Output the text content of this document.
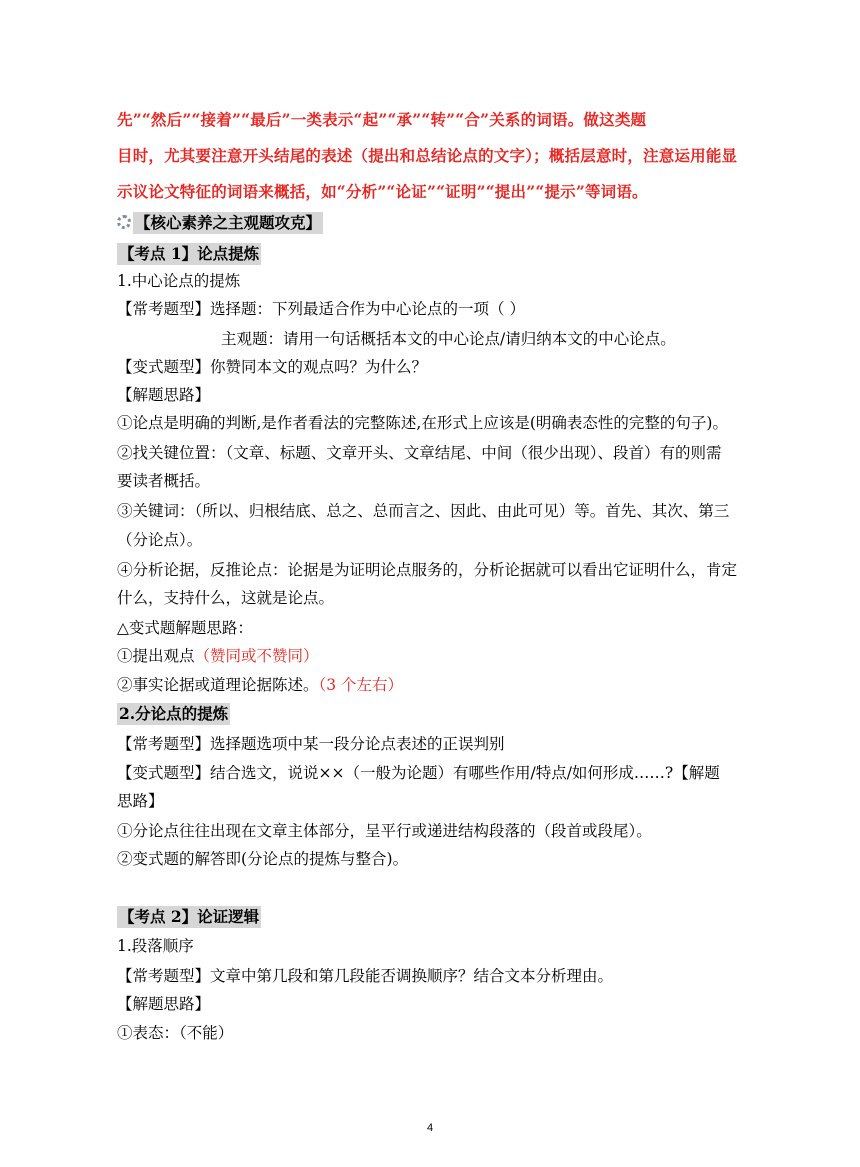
先”“然后”“接着”“最后”一类表示“起”“承”“转”“合”关系的词语。做这类题
目时，尤其要注意开头结尾的表述（提出和总结论点的文字）；概括层意时，注意运用能显
示议论文特征的词语来概括，如“分析”“论证”“证明”“提出”“提示”等词语。
【核心素养之主观题攻克】
【考点 1】论点提炼
1.中心论点的提炼
【常考题型】选择题：下列最适合作为中心论点的一项（ ）
主观题：请用一句话概括本文的中心论点/请归纳本文的中心论点。
【变式题型】你赞同本文的观点吗？为什么？
【解题思路】
①论点是明确的判断,是作者看法的完整陈述,在形式上应该是(明确表态性的完整的句子)。
②找关键位置：（文章、标题、文章开头、文章结尾、中间（很少出现）、段首）有的则需
要读者概括。
③关键词：（所以、归根结底、总之、总而言之、因此、由此可见）等。首先、其次、第三
（分论点）。
④分析论据，反推论点：论据是为证明论点服务的，分析论据就可以看出它证明什么，肯定
什么，支持什么，这就是论点。
△变式题解题思路：
①提出观点（赞同或不赞同）
②事实论据或道理论据陈述。（3 个左右）
2.分论点的提炼
【常考题型】选择题选项中某一段分论点表述的正误判别
【变式题型】结合选文，说说××（一般为论题）有哪些作用/特点/如何形成……?【解题
思路】
①分论点往往出现在文章主体部分，呈平行或递进结构段落的（段首或段尾）。
②变式题的解答即(分论点的提炼与整合)。
【考点 2】论证逻辑
1.段落顺序
【常考题型】文章中第几段和第几段能否调换顺序？结合文本分析理由。
【解题思路】
①表态：（不能）
4
